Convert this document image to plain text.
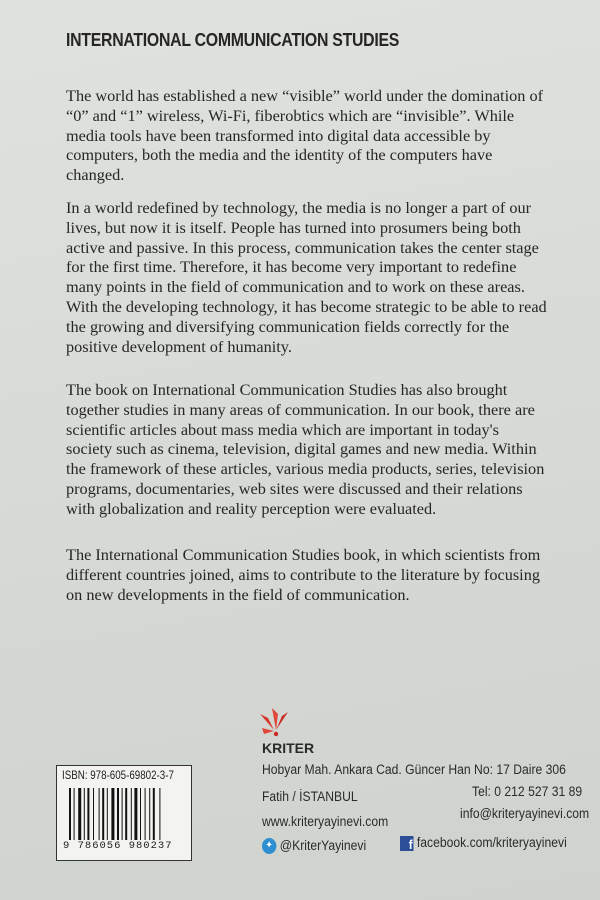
INTERNATIONAL COMMUNICATION STUDIES
The world has established a new “visible” world under the domination of
“0” and “1” wireless, Wi-Fi, fiberobtics which are “invisible”. While
media tools have been transformed into digital data accessible by
computers, both the media and the identity of the computers have
changed.
In a world redefined by technology, the media is no longer a part of our
lives, but now it is itself. People has turned into prosumers being both
active and passive. In this process, communication takes the center stage
for the first time. Therefore, it has become very important to redefine
many points in the field of communication and to work on these areas.
With the developing technology, it has become strategic to be able to read
the growing and diversifying communication fields correctly for the
positive development of humanity.
The book on International Communication Studies has also brought
together studies in many areas of communication. In our book, there are
scientific articles about mass media which are important in today's
society such as cinema, television, digital games and new media. Within
the framework of these articles, various media products, series, television
programs, documentaries, web sites were discussed and their relations
with globalization and reality perception were evaluated.
The International Communication Studies book, in which scientists from
different countries joined, aims to contribute to the literature by focusing
on new developments in the field of communication.
KRITER
Hobyar Mah. Ankara Cad. Güncer Han No: 17 Daire 306
Fatih / İSTANBUL	Tel: 0 212 527 31 89
www.kriteryayinevi.com
info@kriteryayinevi.com
✦ @KriterYayinevi	f facebook.com/kriteryayinevi
ISBN: 978-605-69802-3-7
9 786056 980237
